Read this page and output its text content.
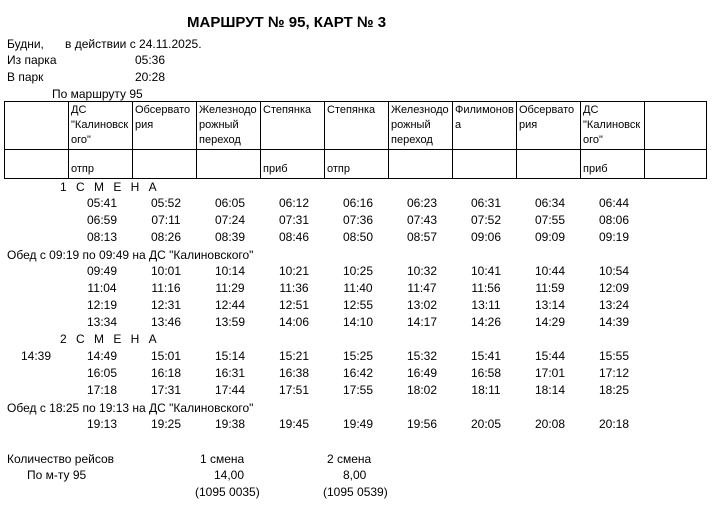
МАРШРУТ № 95, КАРТ № 3
Будни, в действии с 24.11.2025.
Из парка	05:36
В парк	20:28
По маршруту 95
	ДС "Калиновск ого"	Обсервато рия	Железнодо рожный переход	Степянка	Степянка	Железнодо рожный переход	Филимонов а	Обсервато рия	ДС "Калиновск ого"	
	отпр			приб	отпр				приб	
1 С М Е Н А
05:41	05:52	06:05	06:12	06:16	06:23	06:31	06:34	06:44
06:59	07:11	07:24	07:31	07:36	07:43	07:52	07:55	08:06
08:13	08:26	08:39	08:46	08:50	08:57	09:06	09:09	09:19
Обед с 09:19 по 09:49 на ДС "Калиновского"
09:49	10:01	10:14	10:21	10:25	10:32	10:41	10:44	10:54
11:04	11:16	11:29	11:36	11:40	11:47	11:56	11:59	12:09
12:19	12:31	12:44	12:51	12:55	13:02	13:11	13:14	13:24
13:34	13:46	13:59	14:06	14:10	14:17	14:26	14:29	14:39
2 С М Е Н А
14:39	14:49	15:01	15:14	15:21	15:25	15:32	15:41	15:44	15:55
16:05	16:18	16:31	16:38	16:42	16:49	16:58	17:01	17:12
17:18	17:31	17:44	17:51	17:55	18:02	18:11	18:14	18:25
Обед с 18:25 по 19:13 на ДС "Калиновского"
19:13	19:25	19:38	19:45	19:49	19:56	20:05	20:08	20:18
Количество рейсов
По м-ту 95
1 смена	2 смена
14,00	8,00
(1095 0035)	(1095 0539)
